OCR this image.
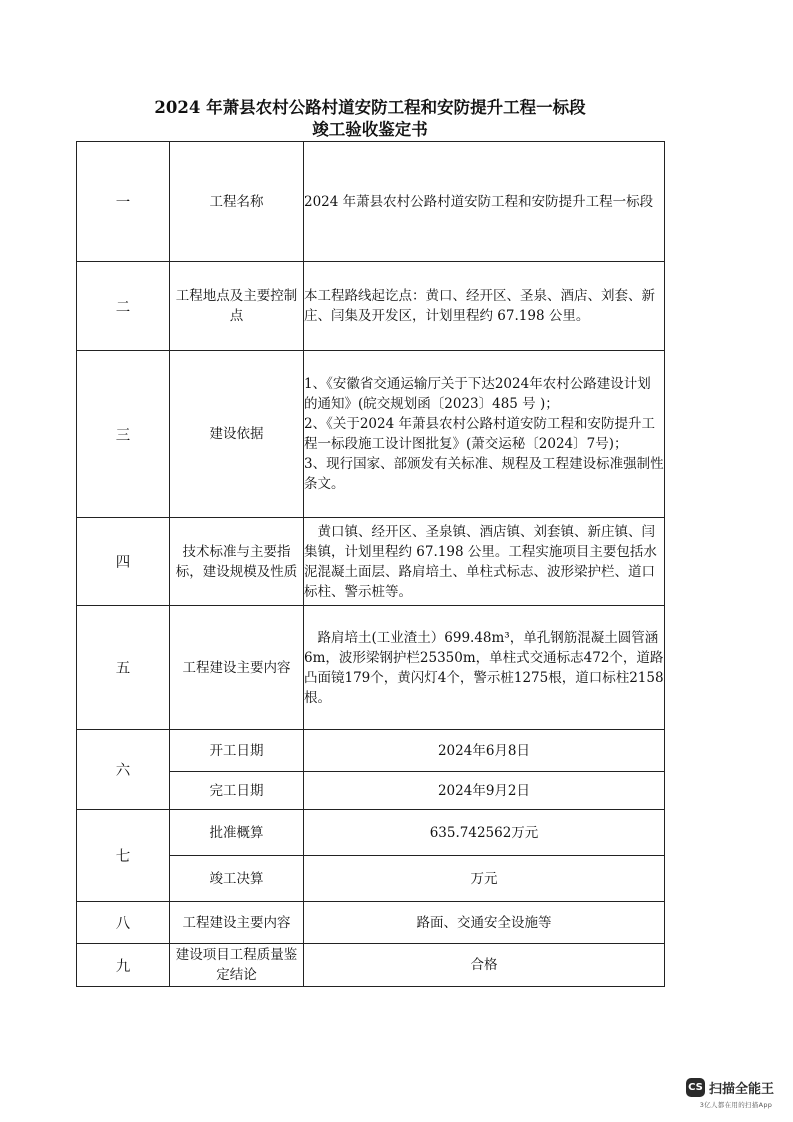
2024 年萧县农村公路村道安防工程和安防提升工程一标段
竣工验收鉴定书
一	工程名称	2024 年萧县农村公路村道安防工程和安防提升工程一标段
二	工程地点及主要控制点	本工程路线起讫点：黄口、经开区、圣泉、酒店、刘套、新庄、闫集及开发区，计划里程约 67.198 公里。
三	建设依据	1、《安徽省交通运输厅关于下达2024年农村公路建设计划的通知》(皖交规划函〔2023〕485 号 )；
2、《关于2024 年萧县农村公路村道安防工程和安防提升工程一标段施工设计图批复》(萧交运秘〔2024〕7号)；
3、现行国家、部颁发有关标准、规程及工程建设标准强制性条文。

四	技术标准与主要指标，建设规模及性质	黄口镇、经开区、圣泉镇、酒店镇、刘套镇、新庄镇、闫集镇，计划里程约 67.198 公里。工程实施项目主要包括水泥混凝土面层、路肩培土、单柱式标志、波形梁护栏、道口标柱、警示桩等。
五	工程建设主要内容	路肩培土(工业渣土）699.48m³，单孔钢筋混凝土圆管涵6m，波形梁钢护栏25350m，单柱式交通标志472个，道路凸面镜179个，黄闪灯4个，警示桩1275根，道口标柱2158根。
六	开工日期	2024年6月8日
	完工日期	2024年9月2日
七	批准概算	635.742562万元
	竣工决算	万元
八	工程建设主要内容	路面、交通安全设施等
九	建设项目工程质量鉴定结论	合格
CS 扫描全能王
3亿人都在用的扫描App
